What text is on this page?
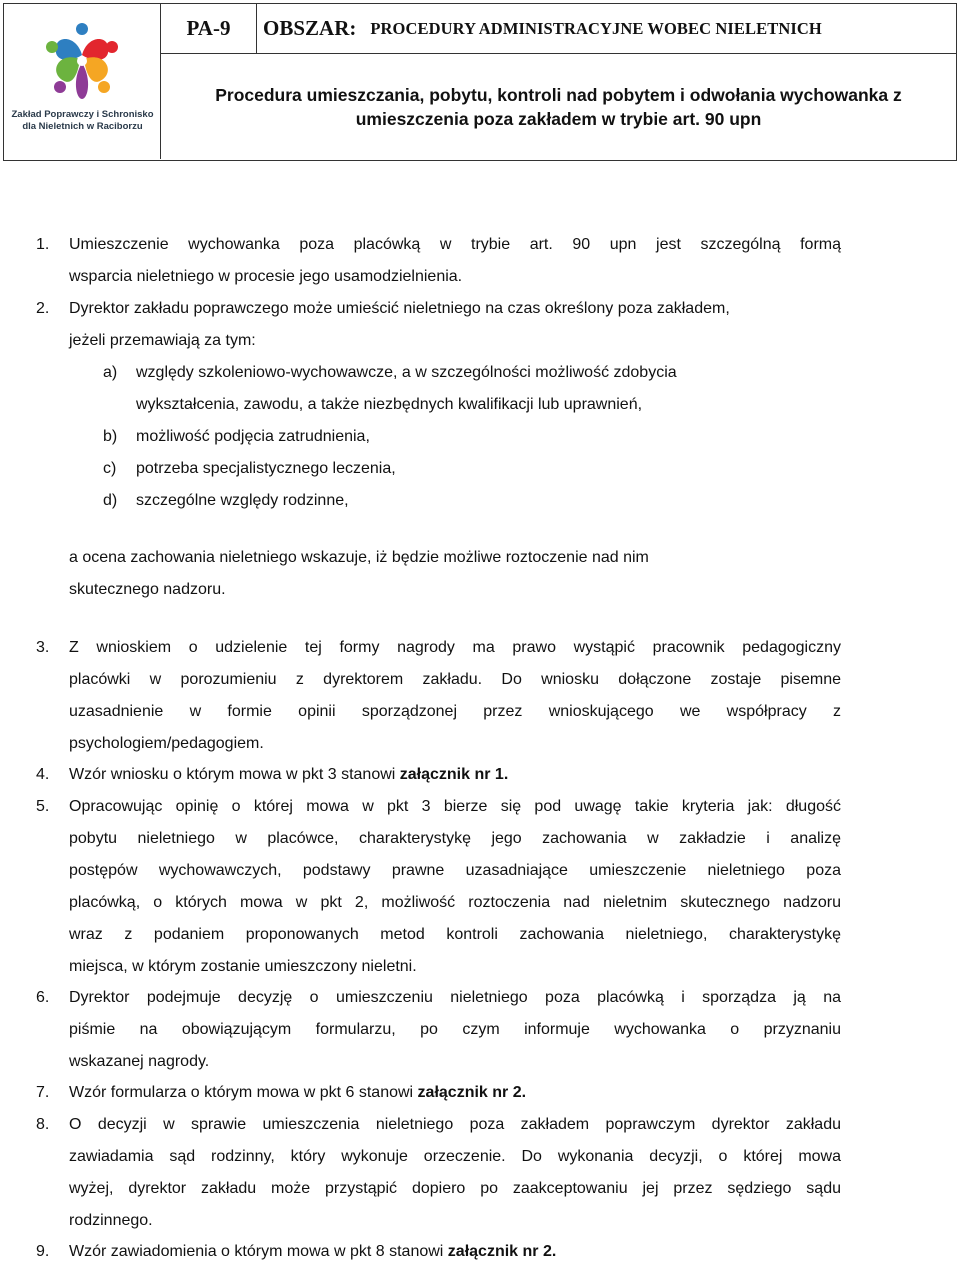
Zakład Poprawczy i Schronisko
dla Nieletnich w Raciborzu
PA-9	OBSZAR: PROCEDURY ADMINISTRACYJNE WOBEC NIELETNICH
Procedura umieszczania, pobytu, kontroli nad pobytem i odwołania wychowanka z
umieszczenia poza zakładem w trybie art. 90 upn
1. Umieszczenie wychowanka poza placówką w trybie art. 90 upn jest szczególną formą
wsparcia nieletniego w procesie jego usamodzielnienia.
2. Dyrektor zakładu poprawczego może umieścić nieletniego na czas określony poza zakładem,
jeżeli przemawiają za tym:
a) względy szkoleniowo-wychowawcze, a w szczególności możliwość zdobycia
wykształcenia, zawodu, a także niezbędnych kwalifikacji lub uprawnień,
b) możliwość podjęcia zatrudnienia,
c) potrzeba specjalistycznego leczenia,
d) szczególne względy rodzinne,
a ocena zachowania nieletniego wskazuje, iż będzie możliwe roztoczenie nad nim
skutecznego nadzoru.
3. Z wnioskiem o udzielenie tej formy nagrody ma prawo wystąpić pracownik pedagogiczny
placówki w porozumieniu z dyrektorem zakładu. Do wniosku dołączone zostaje pisemne
uzasadnienie w formie opinii sporządzonej przez wnioskującego we współpracy z
psychologiem/pedagogiem.
4. Wzór wniosku o którym mowa w pkt 3 stanowi załącznik nr 1.
5. Opracowując opinię o której mowa w pkt 3 bierze się pod uwagę takie kryteria jak: długość
pobytu nieletniego w placówce, charakterystykę jego zachowania w zakładzie i analizę
postępów wychowawczych, podstawy prawne uzasadniające umieszczenie nieletniego poza
placówką, o których mowa w pkt 2, możliwość roztoczenia nad nieletnim skutecznego nadzoru
wraz z podaniem proponowanych metod kontroli zachowania nieletniego, charakterystykę
miejsca, w którym zostanie umieszczony nieletni.
6. Dyrektor podejmuje decyzję o umieszczeniu nieletniego poza placówką i sporządza ją na
piśmie na obowiązującym formularzu, po czym informuje wychowanka o przyznaniu
wskazanej nagrody.
7. Wzór formularza o którym mowa w pkt 6 stanowi załącznik nr 2.
8. O decyzji w sprawie umieszczenia nieletniego poza zakładem poprawczym dyrektor zakładu
zawiadamia sąd rodzinny, który wykonuje orzeczenie. Do wykonania decyzji, o której mowa
wyżej, dyrektor zakładu może przystąpić dopiero po zaakceptowaniu jej przez sędziego sądu
rodzinnego.
9. Wzór zawiadomienia o którym mowa w pkt 8 stanowi załącznik nr 2.
